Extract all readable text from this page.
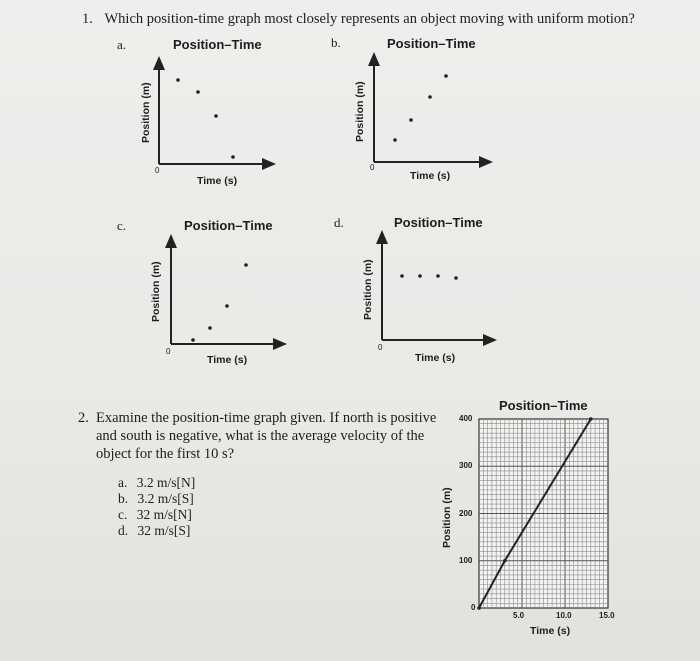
1. Which position-time graph most closely represents an object moving with uniform motion?
a.	Position–Time
Position (m)
Time (s)
0
b.	Position–Time
Position (m)
Time (s)
0
c.	Position–Time
Position (m)
Time (s)
0
d.	Position–Time
Position (m)
Time (s)
0
2. Examine the position-time graph given. If north is positive
and south is negative, what is the average velocity of the
object for the first 10 s?
a. 3.2 m/s[N]
b. 3.2 m/s[S]
c. 32 m/s[N]
d. 32 m/s[S]
Position–Time
Position (m)
Time (s)
0
100
200
300
400
5.0	10.0	15.0
